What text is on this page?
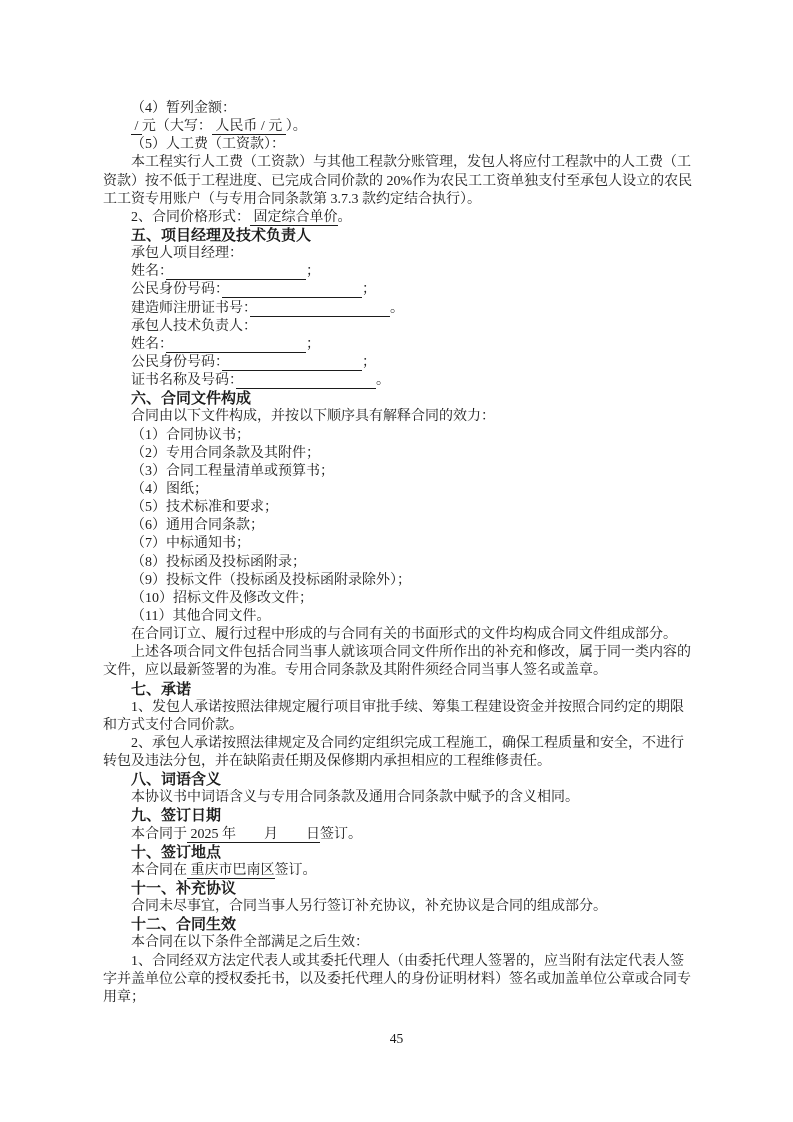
（4）暂列金额：
/ 元（大写： 人民币 / 元 ）。
（5）人工费（工资款）：
本工程实行人工费（工资款）与其他工程款分账管理，发包人将应付工程款中的人工费（工
资款）按不低于工程进度、已完成合同价款的 20%作为农民工工资单独支付至承包人设立的农民
工工资专用账户（与专用合同条款第 3.7.3 款约定结合执行）。
2、合同价格形式： 固定综合单价。
五、项目经理及技术负责人
承包人项目经理：
姓名：　　　　　　　　　　	；
公民身份号码：　　　　　　　　　　	；
建造师注册证书号：　　　　　　　　　　	。
承包人技术负责人：
姓名：　　　　　　　　　　	；
公民身份号码：　　　　　　　　　　	；
证书名称及号码：　　　　　　　　　　	。
六、合同文件构成
合同由以下文件构成，并按以下顺序具有解释合同的效力：
（1）合同协议书；
（2）专用合同条款及其附件；
（3）合同工程量清单或预算书；
（4）图纸；
（5）技术标准和要求；
（6）通用合同条款；
（7）中标通知书；
（8）投标函及投标函附录；
（9）投标文件（投标函及投标函附录除外）；
（10）招标文件及修改文件；
（11）其他合同文件。
在合同订立、履行过程中形成的与合同有关的书面形式的文件均构成合同文件组成部分。
上述各项合同文件包括合同当事人就该项合同文件所作出的补充和修改，属于同一类内容的
文件，应以最新签署的为准。专用合同条款及其附件须经合同当事人签名或盖章。
七、承诺
1、发包人承诺按照法律规定履行项目审批手续、筹集工程建设资金并按照合同约定的期限
和方式支付合同价款。
2、承包人承诺按照法律规定及合同约定组织完成工程施工，确保工程质量和安全，不进行
转包及违法分包，并在缺陷责任期及保修期内承担相应的工程维修责任。
八、词语含义
本协议书中词语含义与专用合同条款及通用合同条款中赋予的含义相同。
九、签订日期
本合同于 2025 年　　月　　日签订。
十、签订地点
本合同在 重庆市巴南区签订。
十一、补充协议
合同未尽事宜，合同当事人另行签订补充协议，补充协议是合同的组成部分。
十二、合同生效
本合同在以下条件全部满足之后生效：
1、合同经双方法定代表人或其委托代理人（由委托代理人签署的，应当附有法定代表人签
字并盖单位公章的授权委托书，以及委托代理人的身份证明材料）签名或加盖单位公章或合同专
用章；
45
